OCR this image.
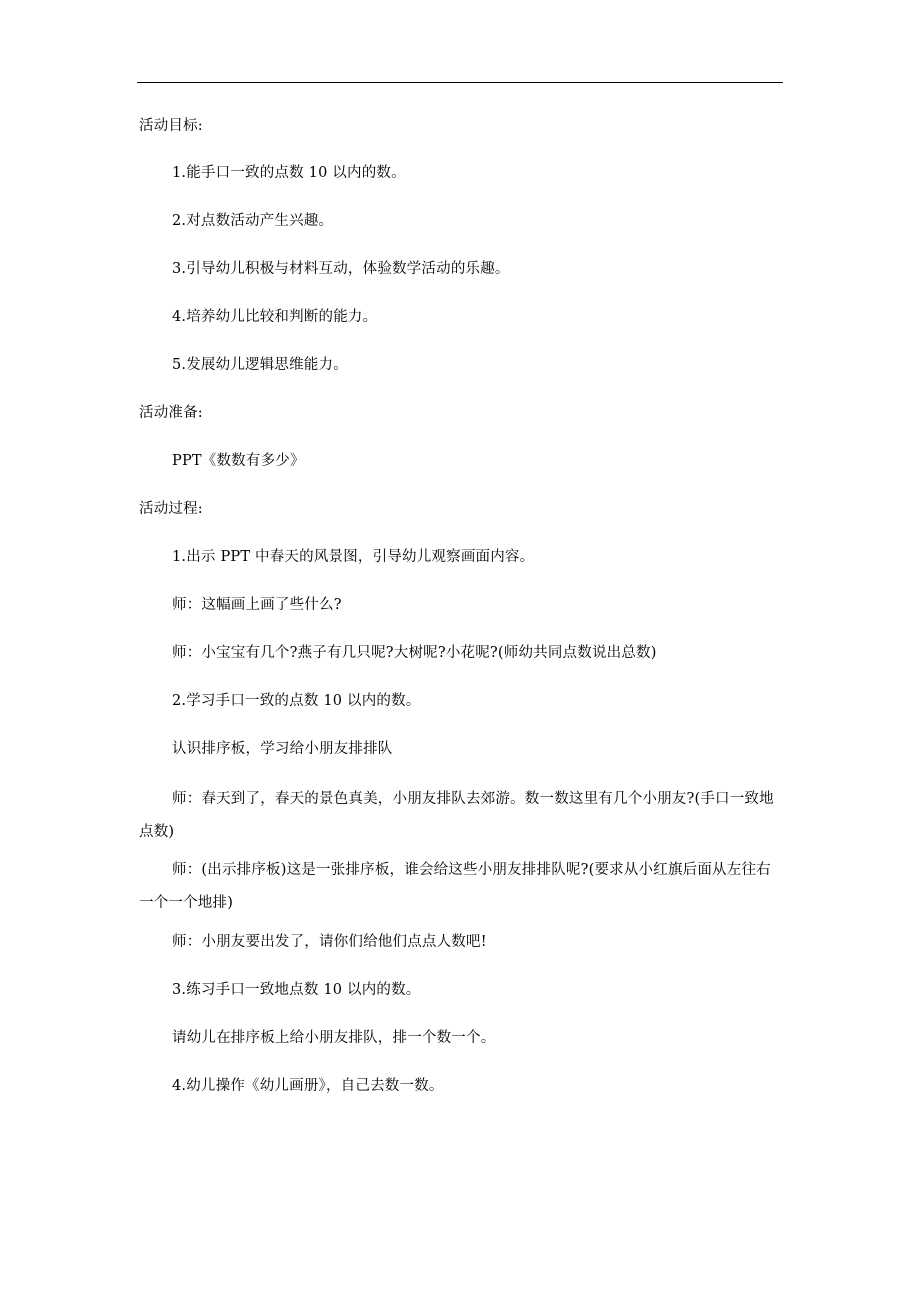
活动目标:
1.能手口一致的点数 10 以内的数。
2.对点数活动产生兴趣。
3.引导幼儿积极与材料互动，体验数学活动的乐趣。
4.培养幼儿比较和判断的能力。
5.发展幼儿逻辑思维能力。
活动准备:
PPT《数数有多少》
活动过程:
1.出示 PPT 中春天的风景图，引导幼儿观察画面内容。
师：这幅画上画了些什么?
师：小宝宝有几个?燕子有几只呢?大树呢?小花呢?(师幼共同点数说出总数)
2.学习手口一致的点数 10 以内的数。
认识排序板，学习给小朋友排排队
师：春天到了，春天的景色真美，小朋友排队去郊游。数一数这里有几个小朋友?(手口一致地点数)
师：(出示排序板)这是一张排序板，谁会给这些小朋友排排队呢?(要求从小红旗后面从左往右一个一个地排)
师：小朋友要出发了，请你们给他们点点人数吧!
3.练习手口一致地点数 10 以内的数。
请幼儿在排序板上给小朋友排队，排一个数一个。
4.幼儿操作《幼儿画册》，自己去数一数。
